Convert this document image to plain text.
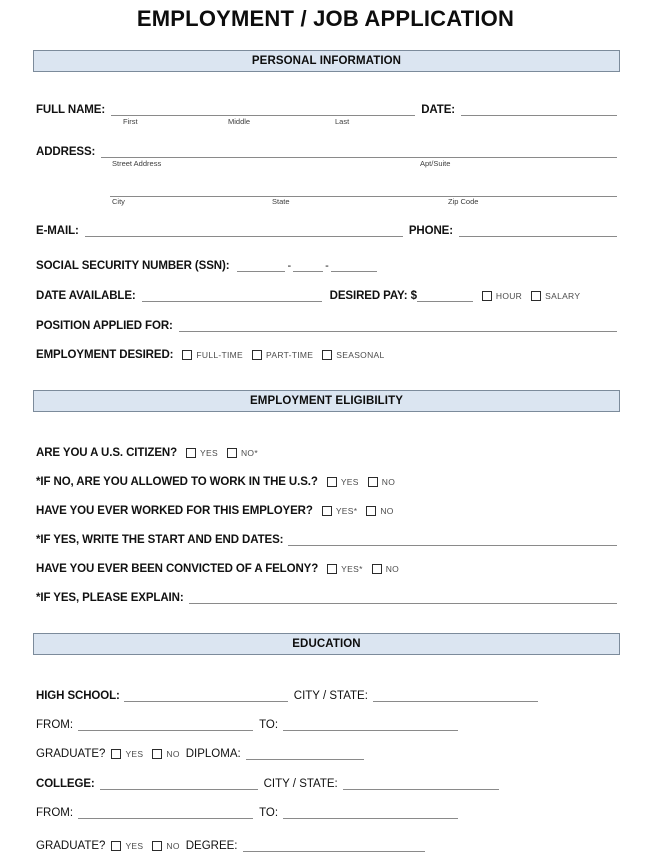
EMPLOYMENT / JOB APPLICATION
PERSONAL INFORMATION
FULL NAME:	DATE:
First	Middle	Last
ADDRESS:
Street Address	Apt/Suite
City	State	Zip Code
E-MAIL:	PHONE:
SOCIAL SECURITY NUMBER (SSN):	-	-
DATE AVAILABLE:	DESIRED PAY: $	HOUR	SALARY
POSITION APPLIED FOR:
EMPLOYMENT DESIRED:	FULL-TIME	PART-TIME	SEASONAL
EMPLOYMENT ELIGIBILITY
ARE YOU A U.S. CITIZEN?	YES	NO*
*IF NO, ARE YOU ALLOWED TO WORK IN THE U.S.?	YES	NO
HAVE YOU EVER WORKED FOR THIS EMPLOYER?	YES*	NO
*IF YES, WRITE THE START AND END DATES:
HAVE YOU EVER BEEN CONVICTED OF A FELONY?	YES*	NO
*IF YES, PLEASE EXPLAIN:
EDUCATION
HIGH SCHOOL:	CITY / STATE:
FROM:	TO:
GRADUATE? YES	NO DIPLOMA:
COLLEGE:	CITY / STATE:
FROM:	TO:
GRADUATE? YES	NO DEGREE:
